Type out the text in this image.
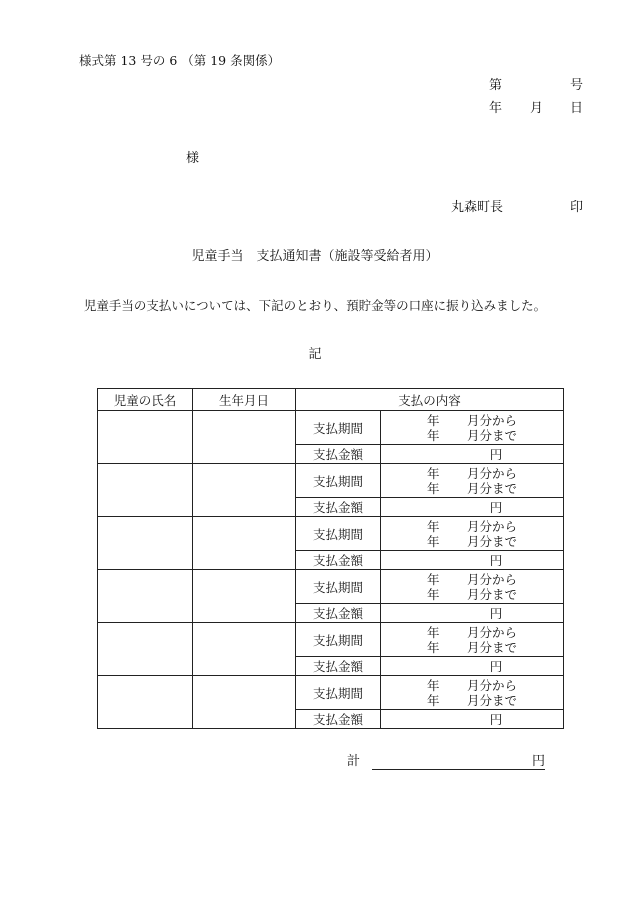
様式第 13 号の 6 （第 19 条関係）
第	号
年 月 日
様
丸森町長	印
児童手当　支払通知書（施設等受給者用）
児童手当の支払いについては、下記のとおり、預貯金等の口座に振り込みました。
記
児童の氏名	生年月日	支払の内容	
		支払期間	年 月分から
年 月分まで

		支払金額	円
		支払期間	年 月分から
年 月分まで

		支払金額	円
		支払期間	年 月分から
年 月分まで

		支払金額	円
		支払期間	年 月分から
年 月分まで

		支払金額	円
		支払期間	年 月分から
年 月分まで

		支払金額	円
		支払期間	年 月分から
年 月分まで

		支払金額	円
計	円
